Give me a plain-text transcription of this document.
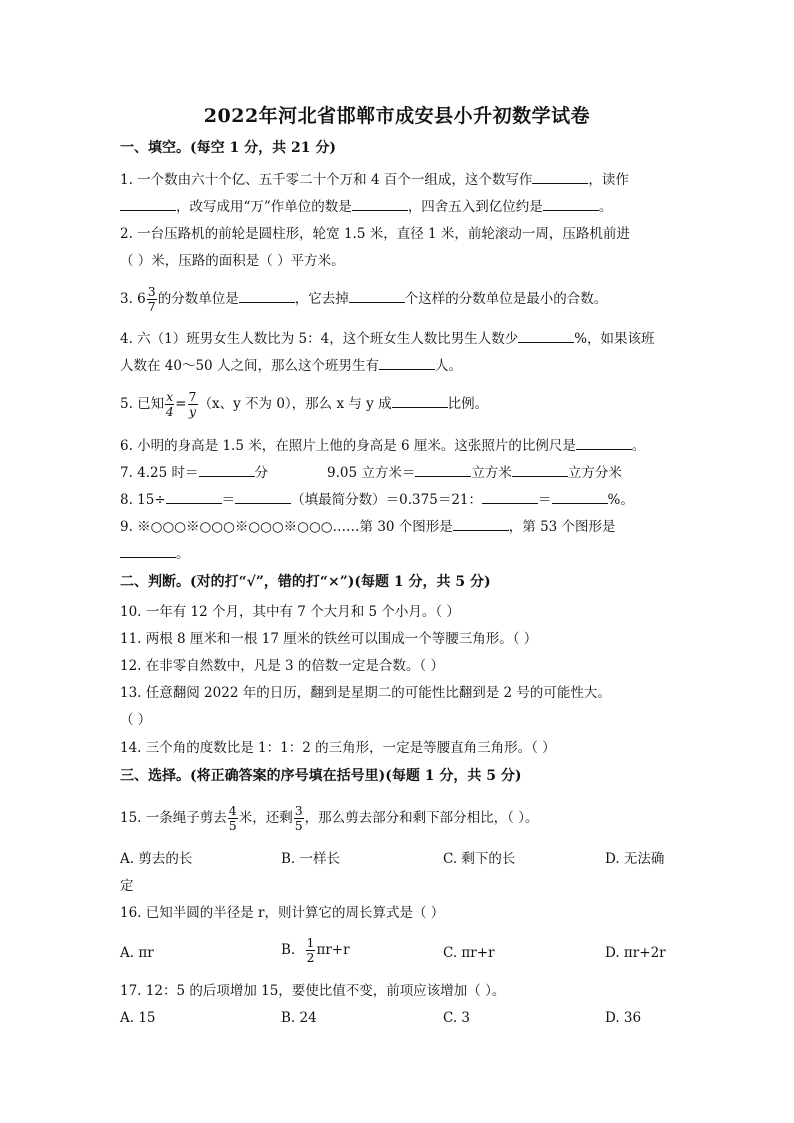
2022年河北省邯郸市成安县小升初数学试卷
一、填空。(每空 1 分，共 21 分)
1. 一个数由六十个亿、五千零二十个万和 4 百个一组成，这个数写作	，读作
，改写成用“万”作单位的数是	，四舍五入到亿位约是	。
2. 一台压路机的前轮是圆柱形，轮宽 1.5 米，直径 1 米，前轮滚动一周，压路机前进
（ ）米，压路的面积是（ ）平方米。
3. $6 \frac{3}{7}$ 的分数单位是	，它去掉	个这样的分数单位是最小的合数。
4. 六（1）班男女生人数比为 5：4，这个班女生人数比男生人数少	%，如果该班
人数在 40～50 人之间，那么这个班男生有	人。
5. 已知 $\frac{x}{4} = \frac{7}{y} (x$、y 不为 0），那么 x 与 y 成	比例。
6. 小明的身高是 1.5 米，在照片上他的身高是 6 厘米。这张照片的比例尺是	。
7. 4.25 时＝	分	9.05 立方米＝	立方米	立方分米
8. 15÷	＝	（填最简分数）＝0.375＝21：	＝	%。
9. ※○○○※○○○※○○○※○○○……第 30 个图形是	，第 53 个图形是
。
二、判断。(对的打“√”，错的打“×”)(每题 1 分，共 5 分)
10. 一年有 12 个月，其中有 7 个大月和 5 个小月。（ ）
11. 两根 8 厘米和一根 17 厘米的铁丝可以围成一个等腰三角形。（ ）
12. 在非零自然数中，凡是 3 的倍数一定是合数。（ ）
13. 任意翻阅 2022 年的日历，翻到是星期二的可能性比翻到是 2 号的可能性大。
（ ）
14. 三个角的度数比是 1：1：2 的三角形，一定是等腰直角三角形。（ ）
三、选择。(将正确答案的序号填在括号里)(每题 1 分，共 5 分)
15. 一条绳子剪去 $\frac{4}{5}$ 米，还剩 $\frac{3}{5}$ ，那么剪去部分和剩下部分相比，（ ）。
A. 剪去的长	B. 一样长	C. 剩下的长	D. 无法确
定
16. 已知半圆的半径是 r，则计算它的周长算式是（ ）
A. πr	B. $\frac{1}{2} \pi r+r$	C. πr+r	D. πr+2r
17. 12：5 的后项增加 15，要使比值不变，前项应该增加（ ）。
A. 15	B. 24	C. 3	D. 36
